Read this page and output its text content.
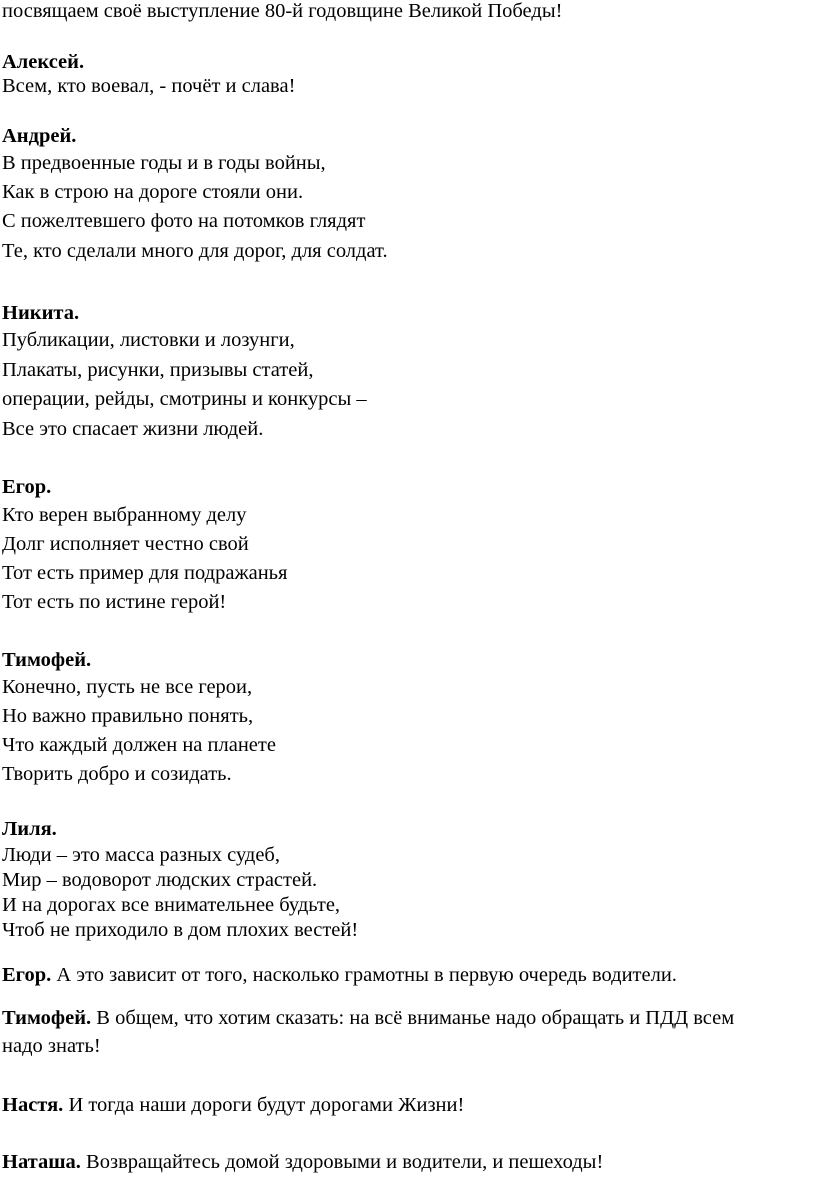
посвящаем своё выступление 80-й годовщине Великой Победы!
Алексей.
Всем, кто воевал, - почёт и слава!
Андрей.
В предвоенные годы и в годы войны,
Как в строю на дороге стояли они.
С пожелтевшего фото на потомков глядят
Те, кто сделали много для дорог, для солдат.
Никита.
Публикации, листовки и лозунги,
Плакаты, рисунки, призывы статей,
операции, рейды, смотрины и конкурсы –
Все это спасает жизни людей.
Егор.
Кто верен выбранному делу
Долг исполняет честно свой
Тот есть пример для подражанья
Тот есть по истине герой!
Тимофей.
Конечно, пусть не все герои,
Но важно правильно понять,
Что каждый должен на планете
Творить добро и созидать.
Лиля.
Люди – это масса разных судеб,
Мир – водоворот людских страстей.
И на дорогах все внимательнее будьте,
Чтоб не приходило в дом плохих вестей!
Егор. А это зависит от того, насколько грамотны в первую очередь водители.
Тимофей. В общем, что хотим сказать: на всё вниманье надо обращать и ПДД всем
надо знать!
Настя. И тогда наши дороги будут дорогами Жизни!
Наташа. Возвращайтесь домой здоровыми и водители, и пешеходы!
